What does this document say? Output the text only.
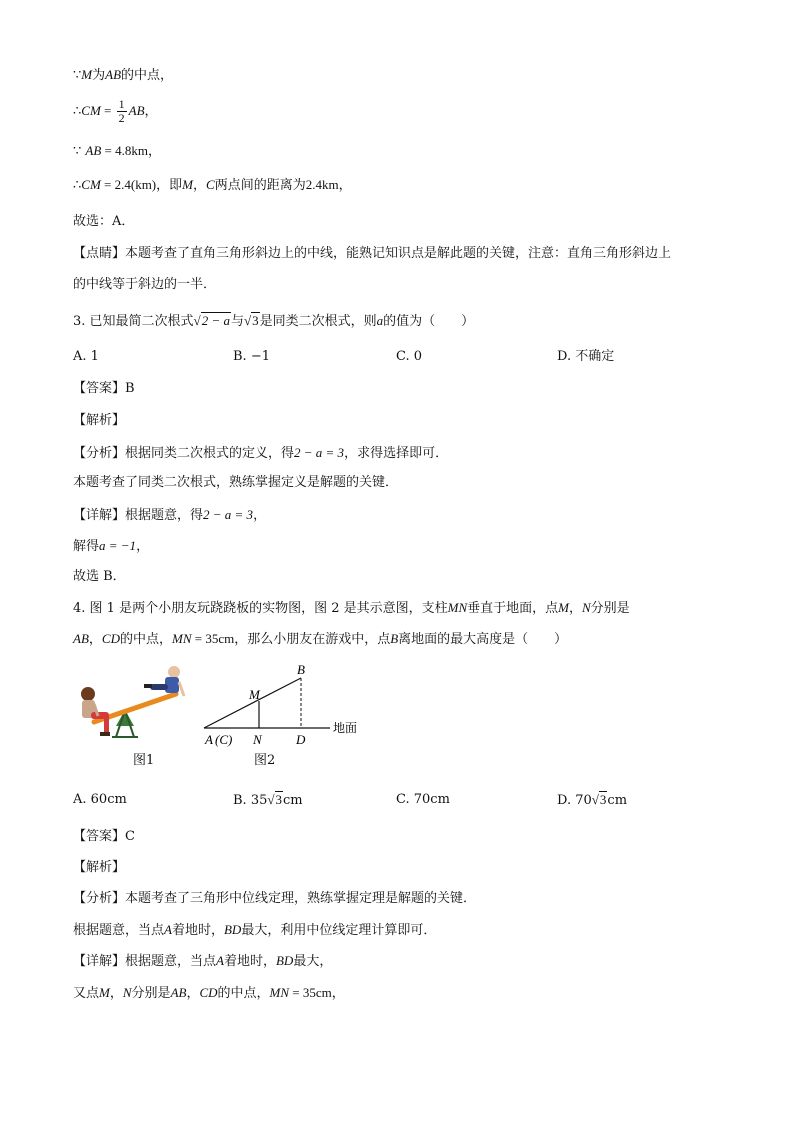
∵M为AB的中点，
∴CM = $\frac{1}{2}$ AB，
∵ AB = 4.8km，
∴CM = 2.4(km)，即M，C两点间的距离为2.4km，
故选：A．
【点睛】本题考查了直角三角形斜边上的中线，能熟记知识点是解此题的关键，注意：直角三角形斜边上
的中线等于斜边的一半．
3. 已知最简二次根式√2 − a与√3是同类二次根式，则a的值为（　　）
A. 1	B. −1	C. 0	D. 不确定
【答案】B
【解析】
【分析】根据同类二次根式的定义，得2 − a = 3，求得选择即可．
本题考查了同类二次根式，熟练掌握定义是解题的关键．
【详解】根据题意，得2 − a = 3，
解得a = −1，
故选 B．
4. 图 1 是两个小朋友玩跷跷板的实物图，图 2 是其示意图，支柱MN垂直于地面，点M，N分别是
AB，CD的中点，MN = 35cm，那么小朋友在游戏中，点B离地面的最大高度是（　　）
图1
B
M
A (C) N	D
地面
图2
A. 60cm	B. 35√3cm	C. 70cm	D. 70√3cm
【答案】C
【解析】
【分析】本题考查了三角形中位线定理，熟练掌握定理是解题的关键．
根据题意，当点A着地时，BD最大，利用中位线定理计算即可．
【详解】根据题意，当点A着地时，BD最大，
又点M，N分别是AB，CD的中点，MN = 35cm，
